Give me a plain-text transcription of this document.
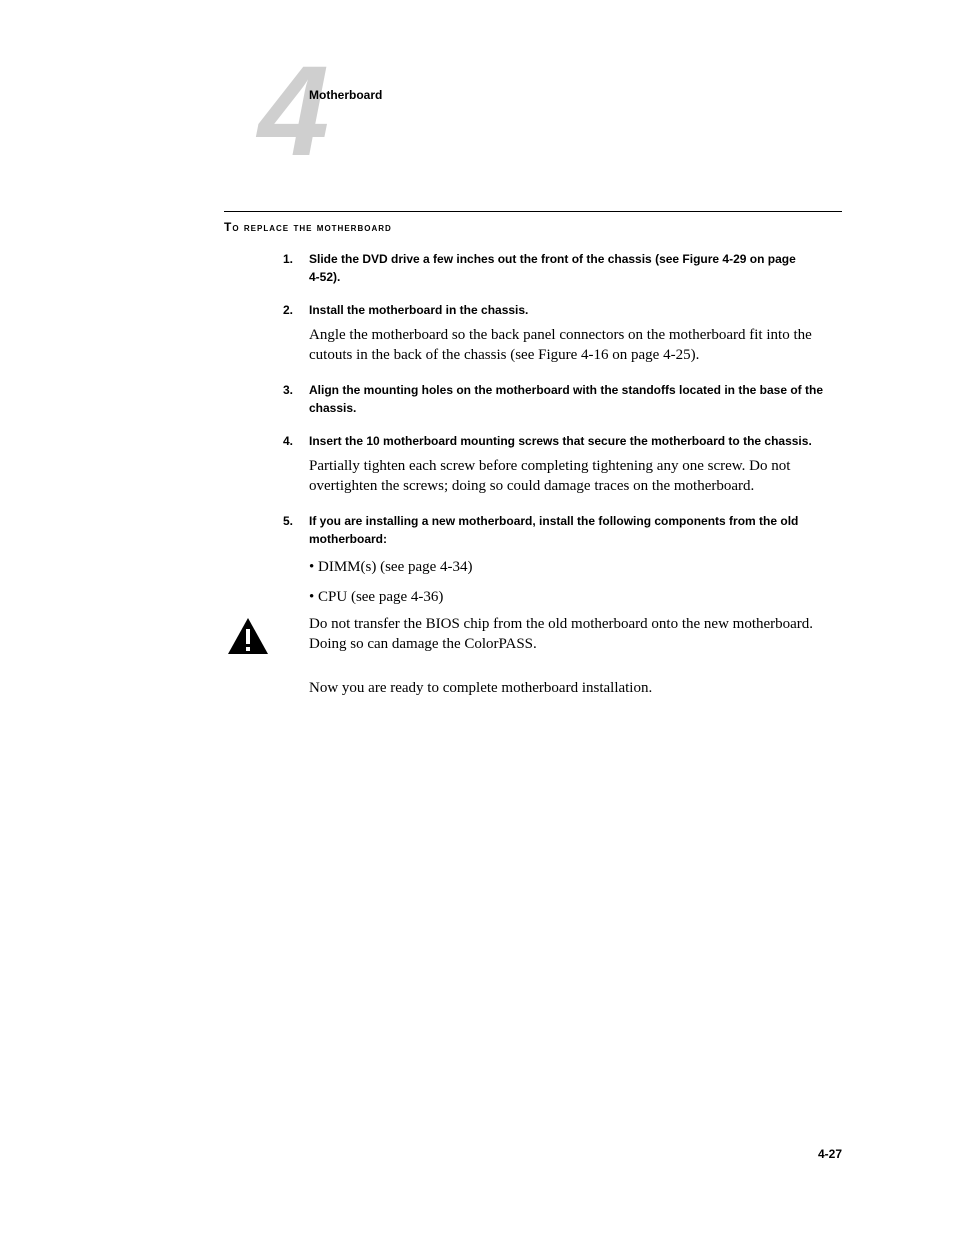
4
Motherboard
To replace the motherboard
1. Slide the DVD drive a few inches out the front of the chassis (see Figure 4-29 on page 4-52).
2. Install the motherboard in the chassis.
Angle the motherboard so the back panel connectors on the motherboard fit into the cutouts in the back of the chassis (see Figure 4-16 on page 4-25).
3. Align the mounting holes on the motherboard with the standoffs located in the base of the chassis.
4. Insert the 10 motherboard mounting screws that secure the motherboard to the chassis.
Partially tighten each screw before completing tightening any one screw. Do not overtighten the screws; doing so could damage traces on the motherboard.
5. If you are installing a new motherboard, install the following components from the old motherboard:
• DIMM(s) (see page 4-34)
• CPU (see page 4-36)
Do not transfer the BIOS chip from the old motherboard onto the new motherboard. Doing so can damage the ColorPASS.
Now you are ready to complete motherboard installation.
4-27
